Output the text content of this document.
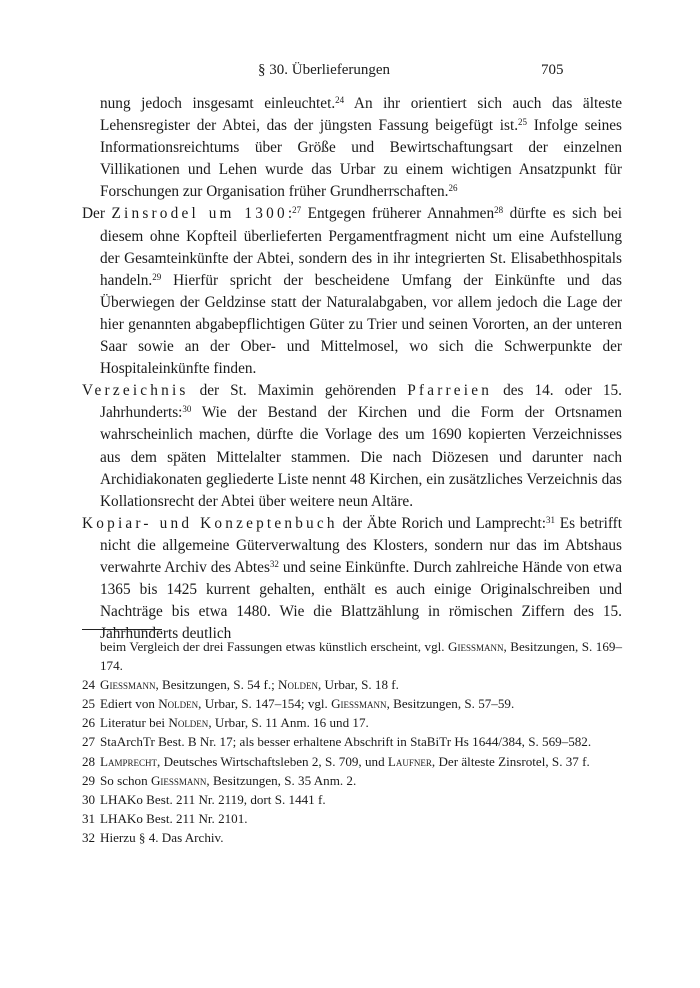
§ 30. Überlieferungen	705

nung jedoch insgesamt einleuchtet.$^{24}$ An ihr orientiert sich auch das älteste Lehensregister der Abtei, das der jüngsten Fassung beigefügt ist.$^{25}$ Infolge seines Informationsreichtums über Größe und Bewirtschaftungsart der einzelnen Villikationen und Lehen wurde das Urbar zu einem wichtigen Ansatzpunkt für Forschungen zur Organisation früher Grundherrschaften.$^{26}$

Der Zinsrodel um 1300:$^{27}$ Entgegen früherer Annahmen$^{28}$ dürfte es sich bei diesem ohne Kopfteil überlieferten Pergamentfragment nicht um eine Aufstellung der Gesamteinkünfte der Abtei, sondern des in ihr integrierten St. Elisabethhospitals handeln.$^{29}$ Hierfür spricht der bescheidene Umfang der Einkünfte und das Überwiegen der Geldzinse statt der Naturalabgaben, vor allem jedoch die Lage der hier genannten abgabepflichtigen Güter zu Trier und seinen Vororten, an der unteren Saar sowie an der Ober- und Mittelmosel, wo sich die Schwerpunkte der Hospitaleinkünfte finden.

Verzeichnis der St. Maximin gehörenden Pfarreien des 14. oder 15. Jahrhunderts:$^{30}$ Wie der Bestand der Kirchen und die Form der Ortsnamen wahrscheinlich machen, dürfte die Vorlage des um 1690 kopierten Verzeichnisses aus dem späten Mittelalter stammen. Die nach Diözesen und darunter nach Archidiakonaten gegliederte Liste nennt 48 Kirchen, ein zusätzliches Verzeichnis das Kollationsrecht der Abtei über weitere neun Altäre.

Kopiar- und Konzeptenbuch der Äbte Rorich und Lamprecht:$^{31}$ Es betrifft nicht die allgemeine Güterverwaltung des Klosters, sondern nur das im Abtshaus verwahrte Archiv des Abtes$^{32}$ und seine Einkünfte. Durch zahlreiche Hände von etwa 1365 bis 1425 kurrent gehalten, enthält es auch einige Originalschreiben und Nachträge bis etwa 1480. Wie die Blattzählung in römischen Ziffern des 15. Jahrhunderts deutlich

beim Vergleich der drei Fassungen etwas künstlich erscheint, vgl. Giessmann, Besitzungen, S. 169–174.
24 Giessmann, Besitzungen, S. 54 f.; Nolden, Urbar, S. 18 f.
25 Ediert von Nolden, Urbar, S. 147–154; vgl. Giessmann, Besitzungen, S. 57–59.
26 Literatur bei Nolden, Urbar, S. 11 Anm. 16 und 17.
27 StaArchTr Best. B Nr. 17; als besser erhaltene Abschrift in StaBiTr Hs 1644/384, S. 569–582.
28 Lamprecht, Deutsches Wirtschaftsleben 2, S. 709, und Laufner, Der älteste Zinsrotel, S. 37 f.
29 So schon Giessmann, Besitzungen, S. 35 Anm. 2.
30 LHAKo Best. 211 Nr. 2119, dort S. 1441 f.
31 LHAKo Best. 211 Nr. 2101.
32 Hierzu § 4. Das Archiv.
